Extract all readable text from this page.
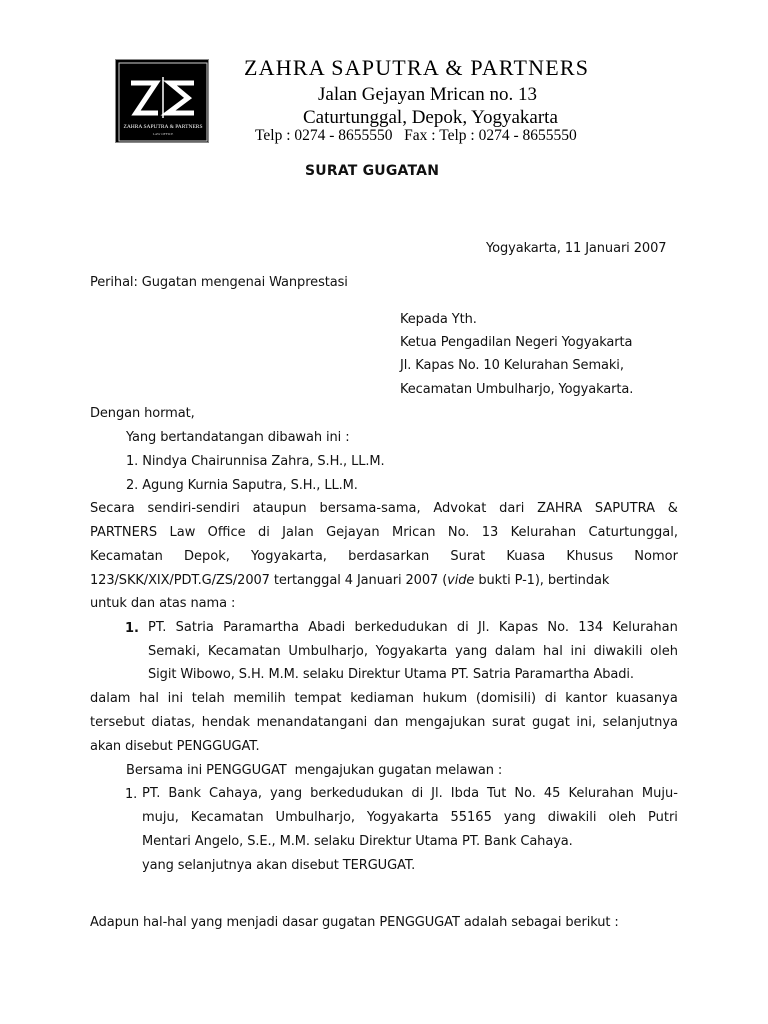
ZAHRA SAPUTRA & PARTNERS
LAW OFFICE
ZAHRA SAPUTRA & PARTNERS
Jalan Gejayan Mrican no. 13
Caturtunggal, Depok, Yogyakarta
Telp : 0274 - 8655550   Fax : Telp : 0274 - 8655550
SURAT GUGATAN
Yogyakarta, 11 Januari 2007
Perihal: Gugatan mengenai Wanprestasi
Kepada Yth.
Ketua Pengadilan Negeri Yogyakarta
Jl. Kapas No. 10 Kelurahan Semaki,
Kecamatan Umbulharjo, Yogyakarta.
Dengan hormat,
Yang bertandatangan dibawah ini :
1. Nindya Chairunnisa Zahra, S.H., LL.M.
2. Agung Kurnia Saputra, S.H., LL.M.
Secara sendiri-sendiri ataupun bersama-sama, Advokat dari ZAHRA SAPUTRA &
PARTNERS Law Office di Jalan Gejayan Mrican No. 13 Kelurahan Caturtunggal,
Kecamatan Depok, Yogyakarta, berdasarkan Surat Kuasa Khusus Nomor
123/SKK/XIX/PDT.G/ZS/2007 tertanggal 4 Januari 2007 (vide bukti P-1), bertindak
untuk dan atas nama :
1. PT. Satria Paramartha Abadi berkedudukan di Jl. Kapas No. 134 Kelurahan
Semaki, Kecamatan Umbulharjo, Yogyakarta yang dalam hal ini diwakili oleh
Sigit Wibowo, S.H. M.M. selaku Direktur Utama PT. Satria Paramartha Abadi.
dalam hal ini telah memilih tempat kediaman hukum (domisili) di kantor kuasanya
tersebut diatas, hendak menandatangani dan mengajukan surat gugat ini, selanjutnya
akan disebut PENGGUGAT.
Bersama ini PENGGUGAT  mengajukan gugatan melawan :
1. PT. Bank Cahaya, yang berkedudukan di Jl. Ibda Tut No. 45 Kelurahan Muju-
muju, Kecamatan Umbulharjo, Yogyakarta 55165 yang diwakili oleh Putri
Mentari Angelo, S.E., M.M. selaku Direktur Utama PT. Bank Cahaya.
yang selanjutnya akan disebut TERGUGAT.
Adapun hal-hal yang menjadi dasar gugatan PENGGUGAT adalah sebagai berikut :
